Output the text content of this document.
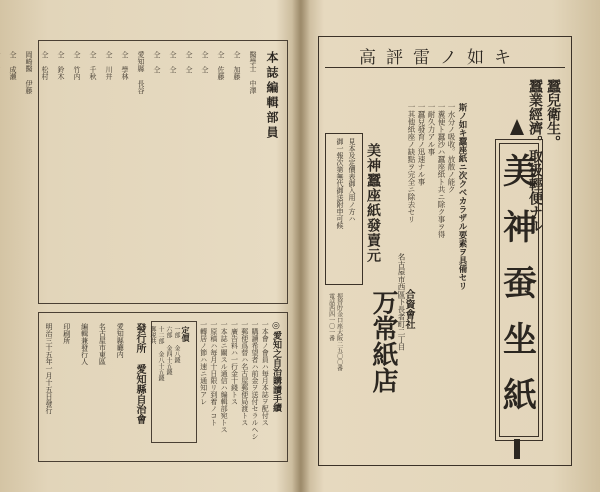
本誌編輯部員
醫學士 中澤

仝 加藤

仝 佐藤

仝 仝

仝 仝

仝 仝

仝 仝

愛知縣 長谷

仝 學林

仝 川井

仝 千秋

仝 竹内

仝 鈴木

仝 松村

岡崎醫 伊藤

仝 成瀬

發行所 愛知縣自治會
愛知縣廳内
名古屋市東區
編輯兼發行人
印刷所
明治三十五年一月十五日發行	定價
一部 金八錢
六部 金四十五錢
十二部 金八十五錢
郵税共	◎愛知之自治購讀手續
一本會ノ會員ハ毎月本誌ヲ配付ス
一購讀希望者ハ前金ヲ送付セラルヘシ
一郵便爲替ハ名古屋郵便局渡トス
一廣告料ハ一行金十錢トス
一本誌ニ關スル通信ハ編輯部宛トス
一原稿ハ毎月十日限リ到着ノコト
一轉居ノ節ハ速ニ通知アレ
高評雷ノ如キ
蠶兒衛生。
蠶業經濟。取扱輕便ナル
美
神
蚕
坐
紙
斯ノ如キ蠶座紙ニ次クベカラザル要素ヲ具備セリ
一水分ノ吸收。放散ノ能ク
一糞便ト蠶沙ハ蠶座紙ト共ニ除ク事ヲ得
一耐久力アル事
一蠶兒發育ノ迅速ナル事
一其他紙座ノ缺點ヲ完全ニ除去セリ
名古屋市西區下長者町二丁目
美神蠶座紙發賣元
見本及定價表御入用ノ方ハ
御一報次第無代御送附申可候
合資會社
万常紙店
電話西四一〇一番 振替貯金口座大阪二五〇〇番
